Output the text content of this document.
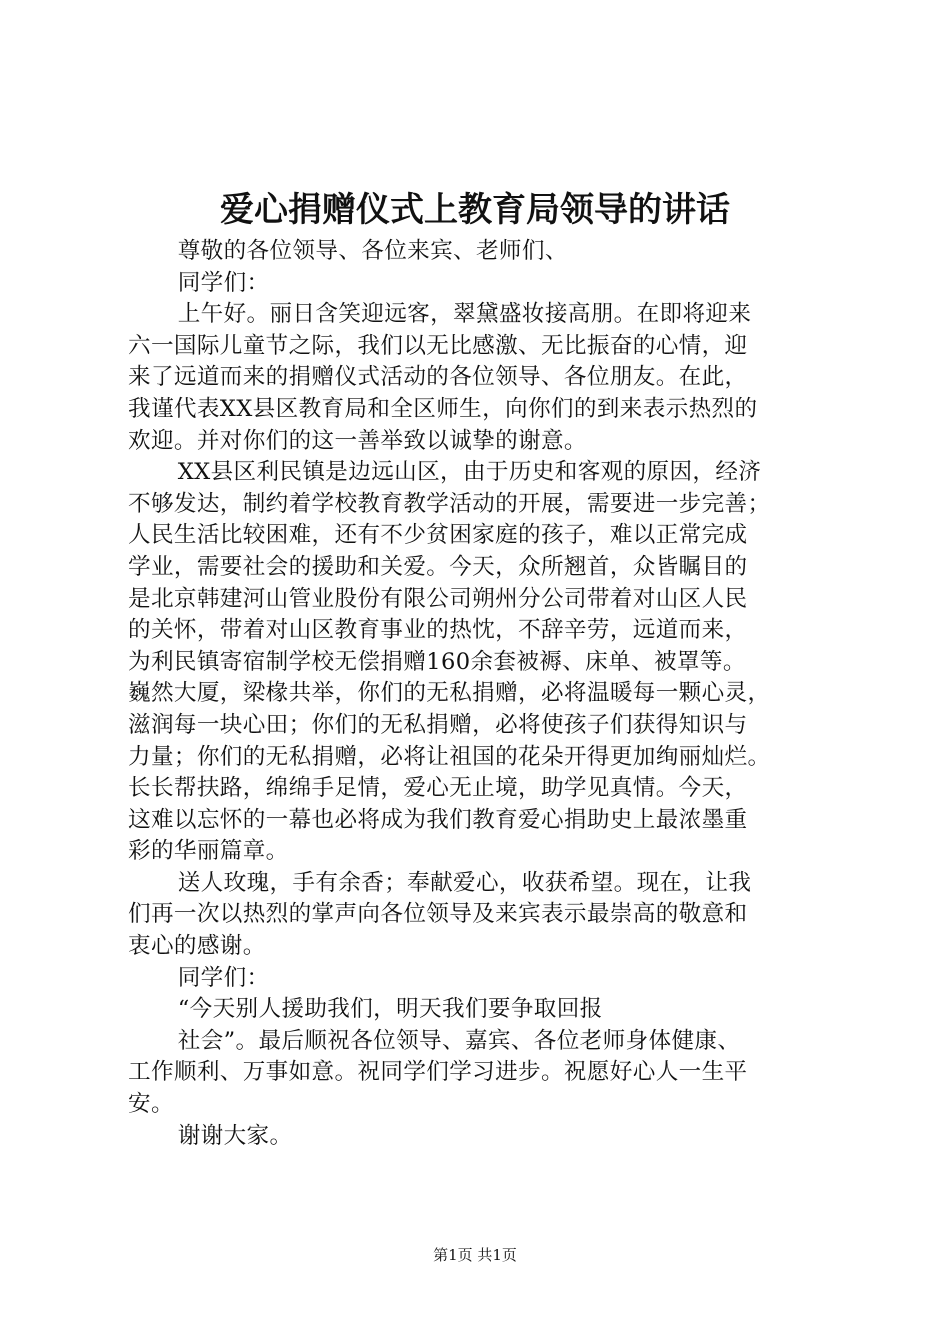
爱心捐赠仪式上教育局领导的讲话

尊敬的各位领导、各位来宾、老师们、

同学们：

上午好。丽日含笑迎远客，翠黛盛妆接高朋。在即将迎来

六一国际儿童节之际，我们以无比感激、无比振奋的心情，迎

来了远道而来的捐赠仪式活动的各位领导、各位朋友。在此，

我谨代表XX县区教育局和全区师生，向你们的到来表示热烈的

欢迎。并对你们的这一善举致以诚挚的谢意。

XX县区利民镇是边远山区，由于历史和客观的原因，经济

不够发达，制约着学校教育教学活动的开展，需要进一步完善；

人民生活比较困难，还有不少贫困家庭的孩子，难以正常完成

学业，需要社会的援助和关爱。今天，众所翘首，众皆瞩目的

是北京韩建河山管业股份有限公司朔州分公司带着对山区人民

的关怀，带着对山区教育事业的热忱，不辞辛劳，远道而来，

为利民镇寄宿制学校无偿捐赠160余套被褥、床单、被罩等。

巍然大厦，梁椽共举，你们的无私捐赠，必将温暖每一颗心灵，

滋润每一块心田；你们的无私捐赠，必将使孩子们获得知识与

力量；你们的无私捐赠，必将让祖国的花朵开得更加绚丽灿烂。

长长帮扶路，绵绵手足情，爱心无止境，助学见真情。今天，

这难以忘怀的一幕也必将成为我们教育爱心捐助史上最浓墨重

彩的华丽篇章。

送人玫瑰，手有余香；奉献爱心，收获希望。现在，让我

们再一次以热烈的掌声向各位领导及来宾表示最崇高的敬意和

衷心的感谢。

同学们：

“今天别人援助我们，明天我们要争取回报

社会”。最后顺祝各位领导、嘉宾、各位老师身体健康、

工作顺利、万事如意。祝同学们学习进步。祝愿好心人一生平

安。

谢谢大家。

第1页 共1页
